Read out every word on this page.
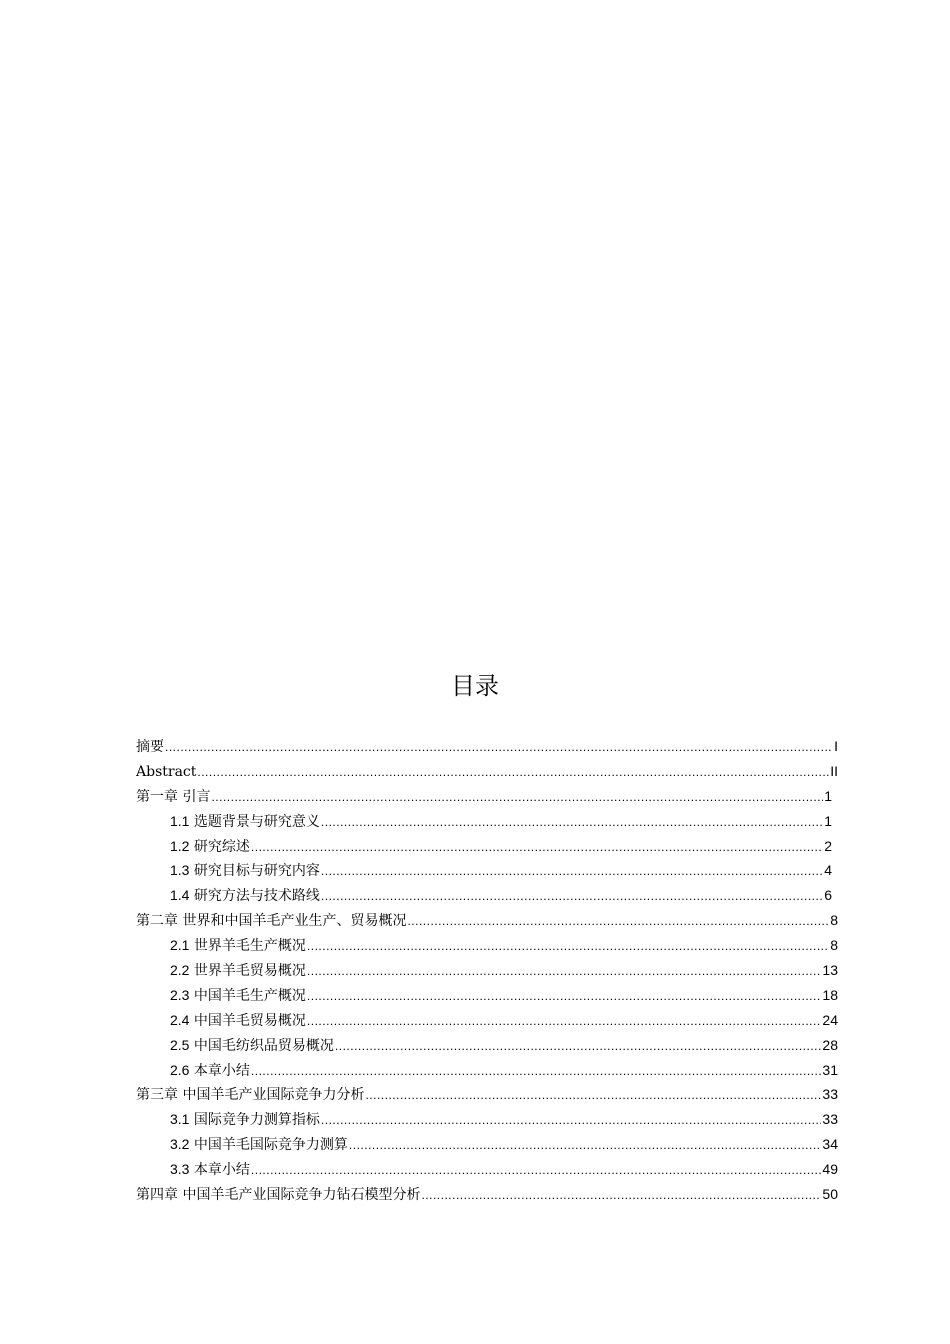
目录
摘要 .....	I
Abstract .....	II
第一章 引言 .....	1
1.1 选题背景与研究意义 .....	1
1.2 研究综述 .....	2
1.3 研究目标与研究内容 .....	4
1.4 研究方法与技术路线 .....	6
第二章 世界和中国羊毛产业生产、贸易概况 .....	8
2.1 世界羊毛生产概况 .....	8
2.2 世界羊毛贸易概况 .....	13
2.3 中国羊毛生产概况 .....	18
2.4 中国羊毛贸易概况 .....	24
2.5 中国毛纺织品贸易概况 .....	28
2.6 本章小结 .....	31
第三章 中国羊毛产业国际竞争力分析 .....	33
3.1 国际竞争力测算指标 .....	33
3.2 中国羊毛国际竞争力测算 .....	34
3.3 本章小结 .....	49
第四章 中国羊毛产业国际竞争力钻石模型分析 .....	50
